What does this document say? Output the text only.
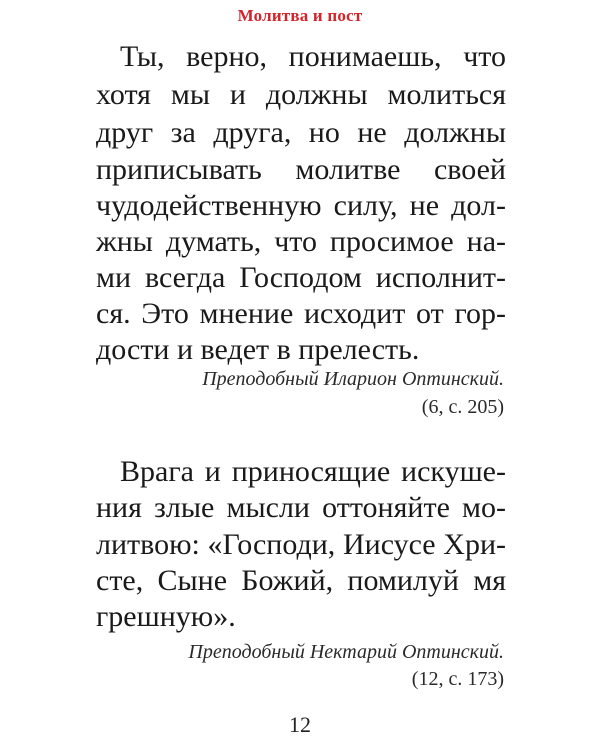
Молитва и пост
Ты, верно, понимаешь, что
хотя мы и должны молиться
друг за друга, но не должны
приписывать молитве своей
чудодейственную силу, не дол-
жны думать, что просимое на-
ми всегда Господом исполнит-
ся. Это мнение исходит от гор-
дости и ведет в прелесть.
Преподобный Иларион Оптинский.
(6, с. 205)
Врага и приносящие искуше-
ния злые мысли оттоняйте мо-
литвою: «Господи, Иисусе Хри-
сте, Сыне Божий, помилуй мя
грешную».
Преподобный Нектарий Оптинский.
(12, с. 173)
12
